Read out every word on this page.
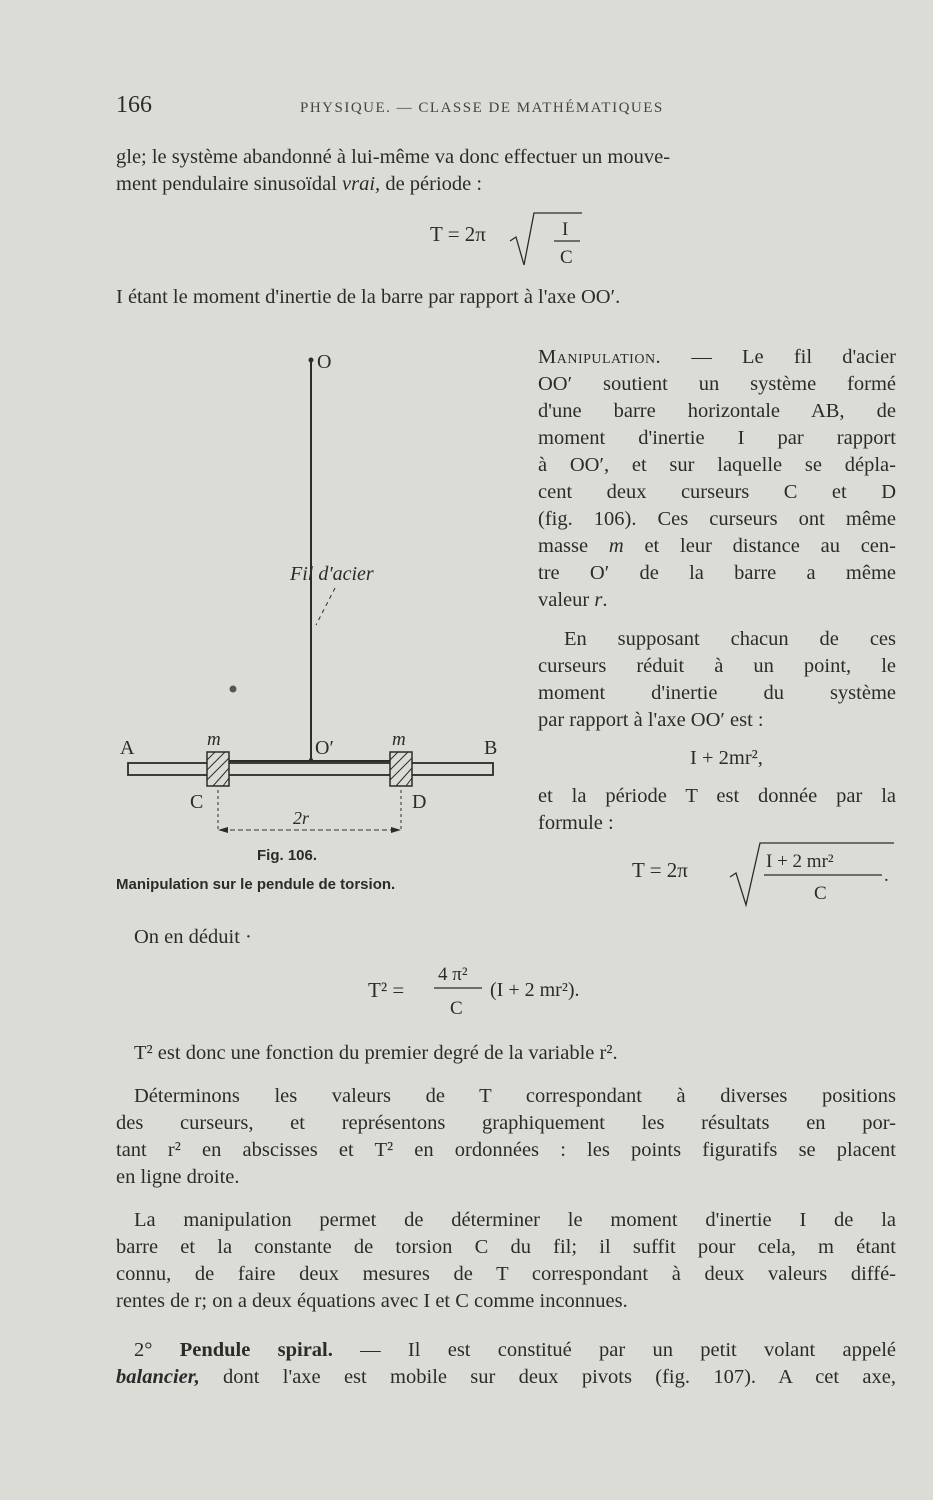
166	PHYSIQUE. — CLASSE DE MATHÉMATIQUES
gle; le système abandonné à lui-même va donc effectuer un mouve-
ment pendulaire sinusoïdal vrai, de période :
T = 2π	I
C
I étant le moment d'inertie de la barre par rapport à l'axe OO′.
O
Fil d'acier
A	B
m	m
O′
C	D
2r
Fig. 106.
Manipulation sur le pendule de torsion.
Manipulation. — Le fil d'acier
OO′ soutient un système formé
d'une barre horizontale AB, de
moment d'inertie I par rapport
à OO′, et sur laquelle se dépla-
cent deux curseurs C et D
(fig. 106). Ces curseurs ont même
masse m et leur distance au cen-
tre O′ de la barre a même
valeur r.
En supposant chacun de ces
curseurs réduit à un point, le
moment d'inertie du système
par rapport à l'axe OO′ est :
I + 2mr²,
et la période T est donnée par la
formule :
T = 2π	I + 2 mr²
C
.
On en déduit ·
T² =
4 π²
C
(I + 2 mr²).
T² est donc une fonction du premier degré de la variable r².
Déterminons les valeurs de T correspondant à diverses positions
des curseurs, et représentons graphiquement les résultats en por-
tant r² en abscisses et T² en ordonnées : les points figuratifs se placent
en ligne droite.
La manipulation permet de déterminer le moment d'inertie I de la
barre et la constante de torsion C du fil; il suffit pour cela, m étant
connu, de faire deux mesures de T correspondant à deux valeurs diffé-
rentes de r; on a deux équations avec I et C comme inconnues.
2° Pendule spiral. — Il est constitué par un petit volant appelé
balancier, dont l'axe est mobile sur deux pivots (fig. 107). A cet axe,
